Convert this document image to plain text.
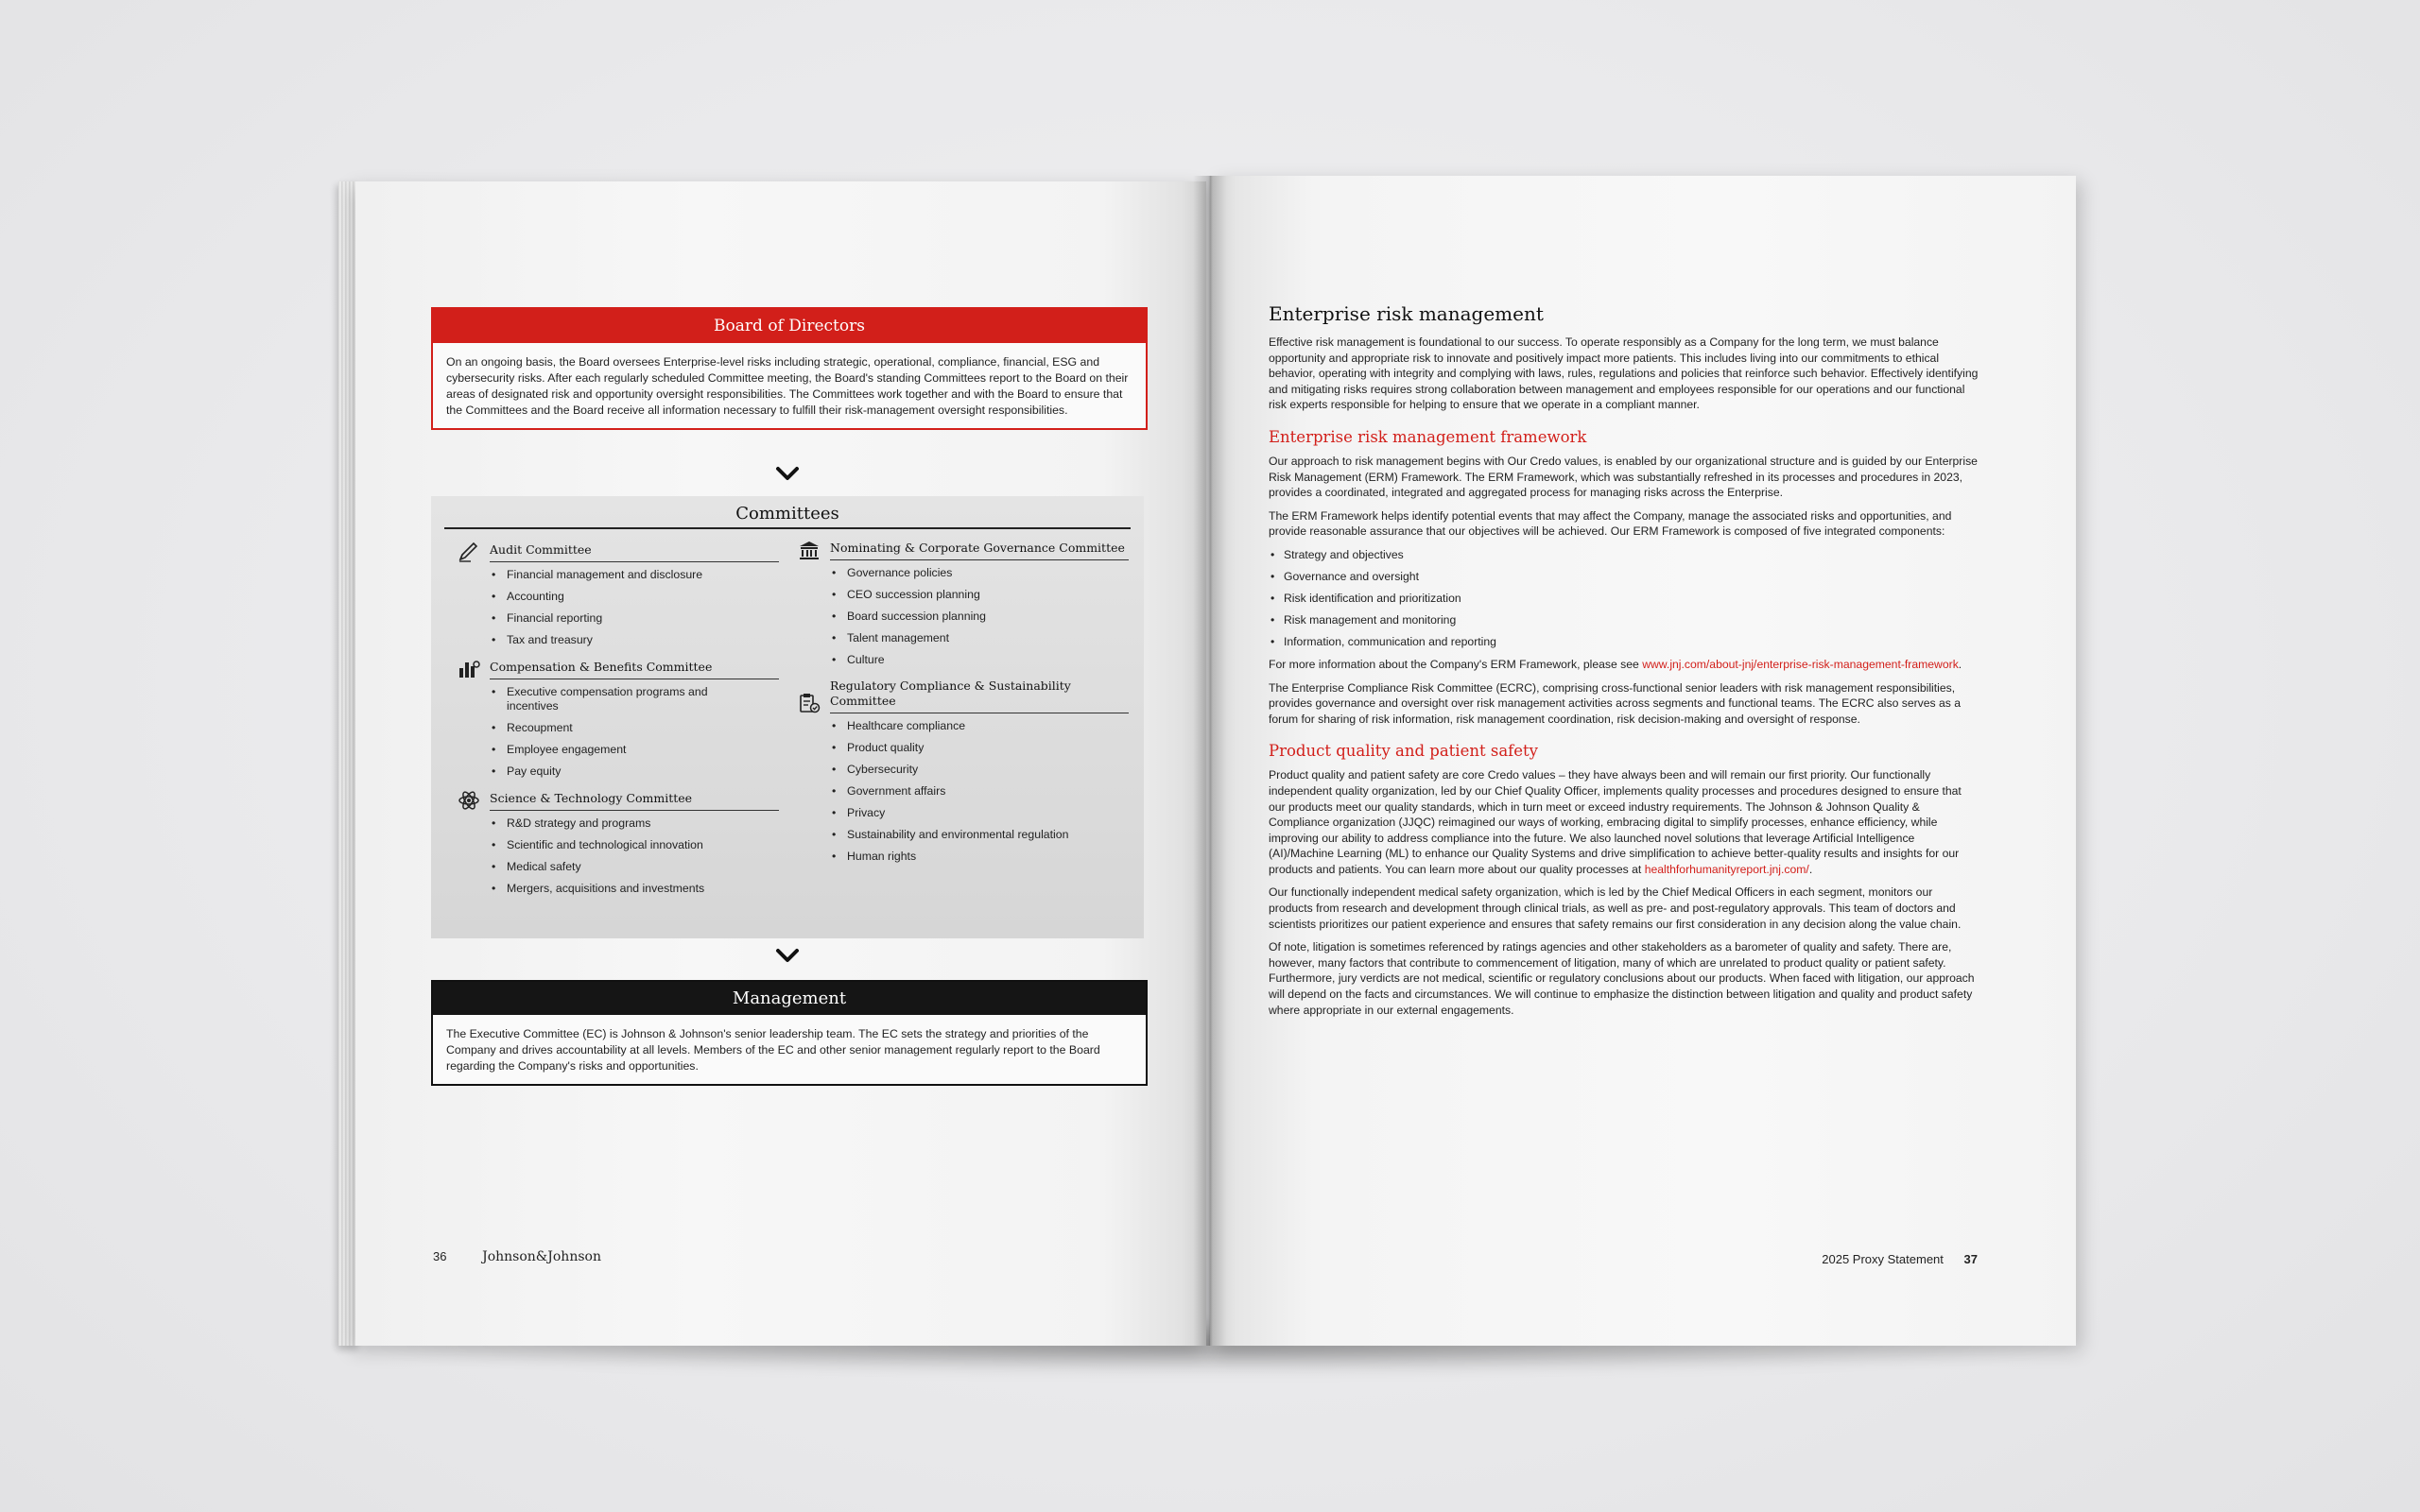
Board of Directors
On an ongoing basis, the Board oversees Enterprise-level risks including strategic, operational, compliance, financial, ESG and cybersecurity risks. After each regularly scheduled Committee meeting, the Board's standing Committees report to the Board on their areas of designated risk and opportunity oversight responsibilities. The Committees work together and with the Board to ensure that the Committees and the Board receive all information necessary to fulfill their risk-management oversight responsibilities.
Committees
Audit Committee
• Financial management and disclosure
• Accounting
• Financial reporting
• Tax and treasury
Compensation & Benefits Committee
• Executive compensation programs and incentives
• Recoupment
• Employee engagement
• Pay equity
Science & Technology Committee
• R&D strategy and programs
• Scientific and technological innovation
• Medical safety
• Mergers, acquisitions and investments
Nominating & Corporate Governance Committee
• Governance policies
• CEO succession planning
• Board succession planning
• Talent management
• Culture
Regulatory Compliance & Sustainability Committee
• Healthcare compliance
• Product quality
• Cybersecurity
• Government affairs
• Privacy
• Sustainability and environmental regulation
• Human rights
Management
The Executive Committee (EC) is Johnson & Johnson's senior leadership team. The EC sets the strategy and priorities of the Company and drives accountability at all levels. Members of the EC and other senior management regularly report to the Board regarding the Company's risks and opportunities.
36	Johnson&Johnson
Enterprise risk management

Effective risk management is foundational to our success. To operate responsibly as a Company for the long term, we must balance opportunity and appropriate risk to innovate and positively impact more patients. This includes living into our commitments to ethical behavior, operating with integrity and complying with laws, rules, regulations and policies that reinforce such behavior. Effectively identifying and mitigating risks requires strong collaboration between management and employees responsible for our operations and our functional risk experts responsible for helping to ensure that we operate in a compliant manner.

Enterprise risk management framework

Our approach to risk management begins with Our Credo values, is enabled by our organizational structure and is guided by our Enterprise Risk Management (ERM) Framework. The ERM Framework, which was substantially refreshed in its processes and procedures in 2023, provides a coordinated, integrated and aggregated process for managing risks across the Enterprise.

The ERM Framework helps identify potential events that may affect the Company, manage the associated risks and opportunities, and provide reasonable assurance that our objectives will be achieved. Our ERM Framework is composed of five integrated components:

• Strategy and objectives
• Governance and oversight
• Risk identification and prioritization
• Risk management and monitoring
• Information, communication and reporting

For more information about the Company's ERM Framework, please see www.jnj.com/about-jnj/enterprise-risk-management-framework.

The Enterprise Compliance Risk Committee (ECRC), comprising cross-functional senior leaders with risk management responsibilities, provides governance and oversight over risk management activities across segments and functional teams. The ECRC also serves as a forum for sharing of risk information, risk management coordination, risk decision-making and oversight of response.

Product quality and patient safety

Product quality and patient safety are core Credo values – they have always been and will remain our first priority. Our functionally independent quality organization, led by our Chief Quality Officer, implements quality processes and procedures designed to ensure that our products meet our quality standards, which in turn meet or exceed industry requirements. The Johnson & Johnson Quality & Compliance organization (JJQC) reimagined our ways of working, embracing digital to simplify processes, enhance efficiency, while improving our ability to address compliance into the future. We also launched novel solutions that leverage Artificial Intelligence (AI)/Machine Learning (ML) to enhance our Quality Systems and drive simplification to achieve better-quality results and insights for our products and patients. You can learn more about our quality processes at healthforhumanityreport.jnj.com/.

Our functionally independent medical safety organization, which is led by the Chief Medical Officers in each segment, monitors our products from research and development through clinical trials, as well as pre- and post-regulatory approvals. This team of doctors and scientists prioritizes our patient experience and ensures that safety remains our first consideration in any decision along the value chain.

Of note, litigation is sometimes referenced by ratings agencies and other stakeholders as a barometer of quality and safety. There are, however, many factors that contribute to commencement of litigation, many of which are unrelated to product quality or patient safety. Furthermore, jury verdicts are not medical, scientific or regulatory conclusions about our products. When faced with litigation, our approach will depend on the facts and circumstances. We will continue to emphasize the distinction between litigation and quality and product safety where appropriate in our external engagements.

2025 Proxy Statement 37
